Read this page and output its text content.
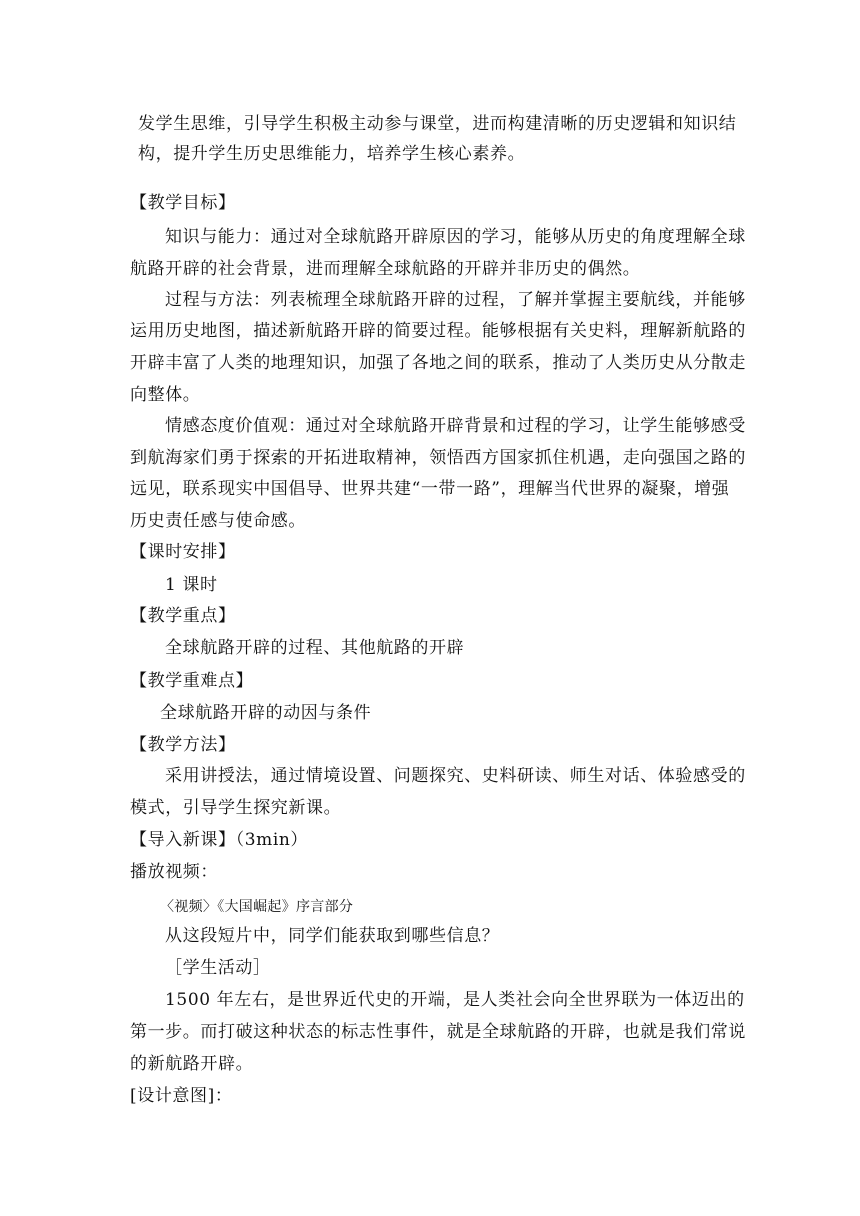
发学生思维，引导学生积极主动参与课堂，进而构建清晰的历史逻辑和知识结
构，提升学生历史思维能力，培养学生核心素养。
【教学目标】
知识与能力：通过对全球航路开辟原因的学习，能够从历史的角度理解全球
航路开辟的社会背景，进而理解全球航路的开辟并非历史的偶然。
过程与方法：列表梳理全球航路开辟的过程，了解并掌握主要航线，并能够
运用历史地图，描述新航路开辟的简要过程。能够根据有关史料，理解新航路的
开辟丰富了人类的地理知识，加强了各地之间的联系，推动了人类历史从分散走
向整体。
情感态度价值观：通过对全球航路开辟背景和过程的学习，让学生能够感受
到航海家们勇于探索的开拓进取精神，领悟西方国家抓住机遇，走向强国之路的
远见，联系现实中国倡导、世界共建“一带一路”，理解当代世界的凝聚，增强
历史责任感与使命感。
【课时安排】
1 课时
【教学重点】
全球航路开辟的过程、其他航路的开辟
【教学重难点】
全球航路开辟的动因与条件
【教学方法】
采用讲授法，通过情境设置、问题探究、史料研读、师生对话、体验感受的
模式，引导学生探究新课。
【导入新课】（3min）
播放视频：
〈视频〉《大国崛起》序言部分
从这段短片中，同学们能获取到哪些信息？
［学生活动］
1500 年左右，是世界近代史的开端，是人类社会向全世界联为一体迈出的
第一步。而打破这种状态的标志性事件，就是全球航路的开辟，也就是我们常说
的新航路开辟。
[设计意图]：
